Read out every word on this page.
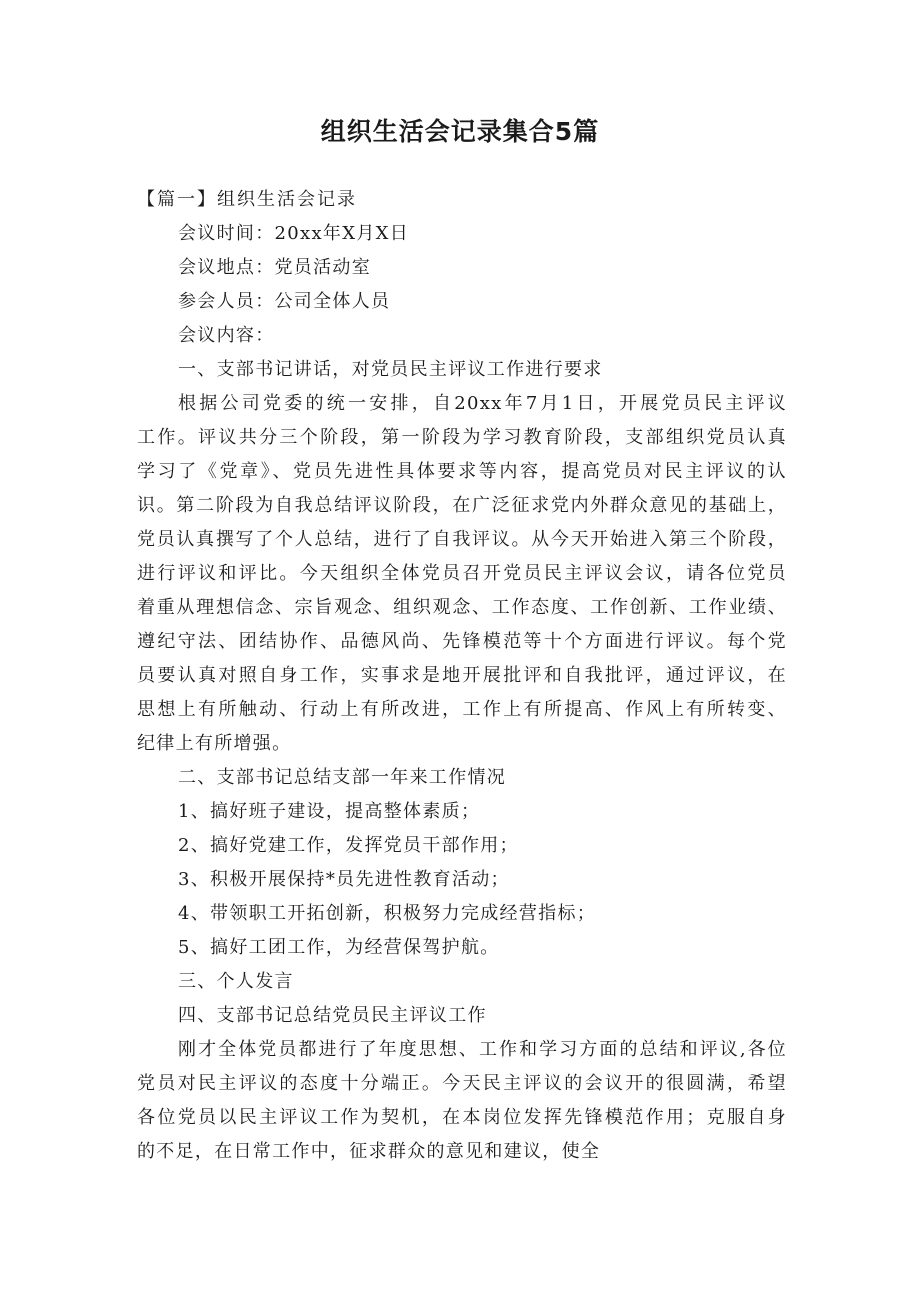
组织生活会记录集合5篇
【篇一】组织生活会记录
会议时间：20xx年X月X日
会议地点：党员活动室
参会人员：公司全体人员
会议内容：
一、支部书记讲话，对党员民主评议工作进行要求
根据公司党委的统一安排，自20xx年7月1日，开展党员民主评议
工作。评议共分三个阶段，第一阶段为学习教育阶段，支部组织党员认真
学习了《党章》、党员先进性具体要求等内容，提高党员对民主评议的认
识。第二阶段为自我总结评议阶段，在广泛征求党内外群众意见的基础上，
党员认真撰写了个人总结，进行了自我评议。从今天开始进入第三个阶段，
进行评议和评比。今天组织全体党员召开党员民主评议会议，请各位党员
着重从理想信念、宗旨观念、组织观念、工作态度、工作创新、工作业绩、
遵纪守法、团结协作、品德风尚、先锋模范等十个方面进行评议。每个党
员要认真对照自身工作，实事求是地开展批评和自我批评，通过评议，在
思想上有所触动、行动上有所改进，工作上有所提高、作风上有所转变、
纪律上有所增强。
二、支部书记总结支部一年来工作情况
1、搞好班子建设，提高整体素质；
2、搞好党建工作，发挥党员干部作用；
3、积极开展保持*员先进性教育活动；
4、带领职工开拓创新，积极努力完成经营指标；
5、搞好工团工作，为经营保驾护航。
三、个人发言
四、支部书记总结党员民主评议工作
刚才全体党员都进行了年度思想、工作和学习方面的总结和评议,各位
党员对民主评议的态度十分端正。今天民主评议的会议开的很圆满，希望
各位党员以民主评议工作为契机，在本岗位发挥先锋模范作用；克服自身
的不足，在日常工作中，征求群众的意见和建议，使全
